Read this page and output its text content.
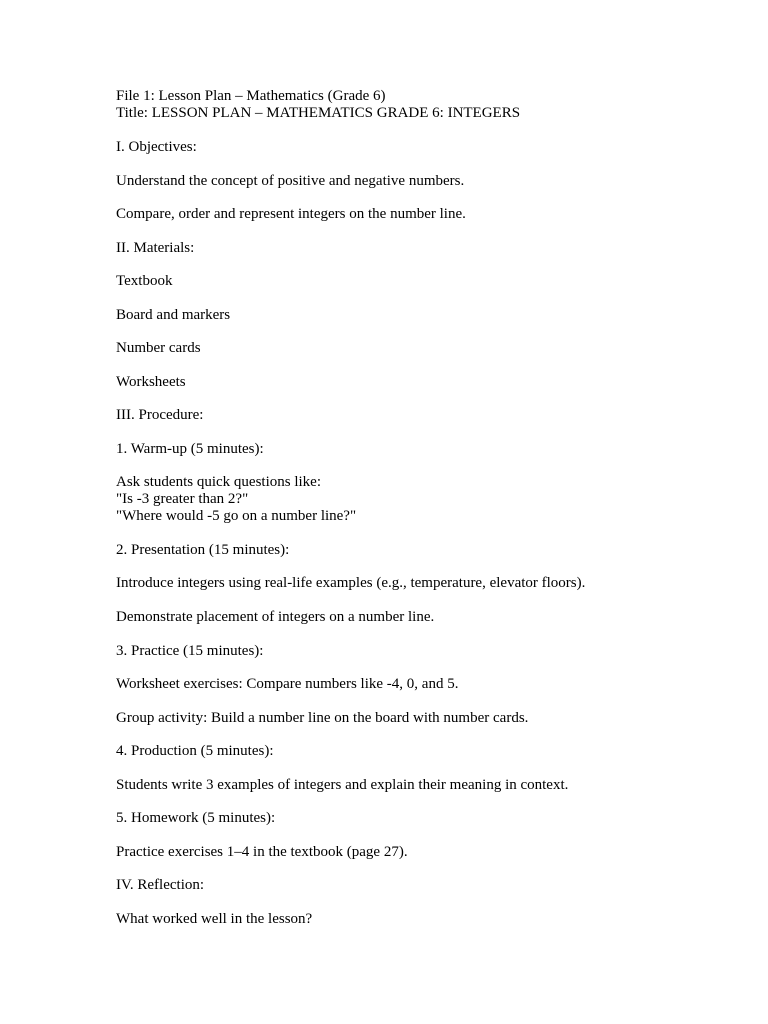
File 1: Lesson Plan – Mathematics (Grade 6)
Title: LESSON PLAN – MATHEMATICS GRADE 6: INTEGERS
I. Objectives:
Understand the concept of positive and negative numbers.
Compare, order and represent integers on the number line.
II. Materials:
Textbook
Board and markers
Number cards
Worksheets
III. Procedure:
1. Warm-up (5 minutes):
Ask students quick questions like:
"Is -3 greater than 2?"
"Where would -5 go on a number line?"
2. Presentation (15 minutes):
Introduce integers using real-life examples (e.g., temperature, elevator floors).
Demonstrate placement of integers on a number line.
3. Practice (15 minutes):
Worksheet exercises: Compare numbers like -4, 0, and 5.
Group activity: Build a number line on the board with number cards.
4. Production (5 minutes):
Students write 3 examples of integers and explain their meaning in context.
5. Homework (5 minutes):
Practice exercises 1–4 in the textbook (page 27).
IV. Reflection:
What worked well in the lesson?
